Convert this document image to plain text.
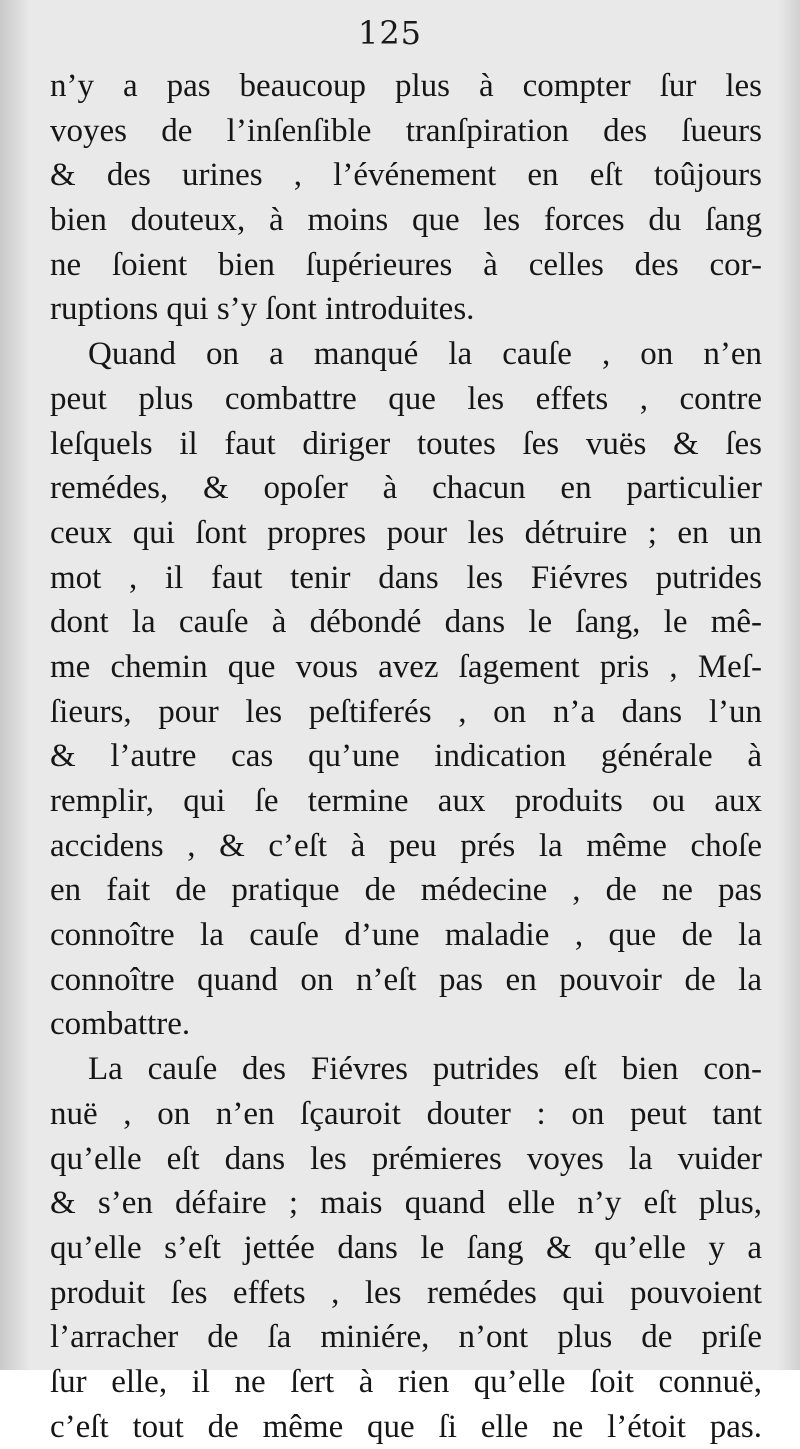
125
n’y a pas beaucoup plus à compter ſur les
voyes de l’inſenſible tranſpiration des ſueurs
& des urines , l’événement en eſt toûjours
bien douteux, à moins que les forces du ſang
ne ſoient bien ſupérieures à celles des cor-
ruptions qui s’y ſont introduites.
Quand on a manqué la cauſe , on n’en
peut plus combattre que les effets , contre
leſquels il faut diriger toutes ſes vuës & ſes
remédes, & opoſer à chacun en particulier
ceux qui ſont propres pour les détruire ; en un
mot , il faut tenir dans les Fiévres putrides
dont la cauſe à débondé dans le ſang, le mê-
me chemin que vous avez ſagement pris , Meſ-
ſieurs, pour les peſtiferés , on n’a dans l’un
& l’autre cas qu’une indication générale à
remplir, qui ſe termine aux produits ou aux
accidens , & c’eſt à peu prés la même choſe
en fait de pratique de médecine , de ne pas
connoître la cauſe d’une maladie , que de la
connoître quand on n’eſt pas en pouvoir de la
combattre.
La cauſe des Fiévres putrides eſt bien con-
nuë , on n’en ſçauroit douter : on peut tant
qu’elle eſt dans les prémieres voyes la vuider
& s’en défaire ; mais quand elle n’y eſt plus,
qu’elle s’eſt jettée dans le ſang & qu’elle y a
produit ſes effets , les remédes qui pouvoient
l’arracher de ſa miniére, n’ont plus de priſe
ſur elle, il ne ſert à rien qu’elle ſoit connuë,
c’eſt tout de même que ſi elle ne l’étoit pas.
